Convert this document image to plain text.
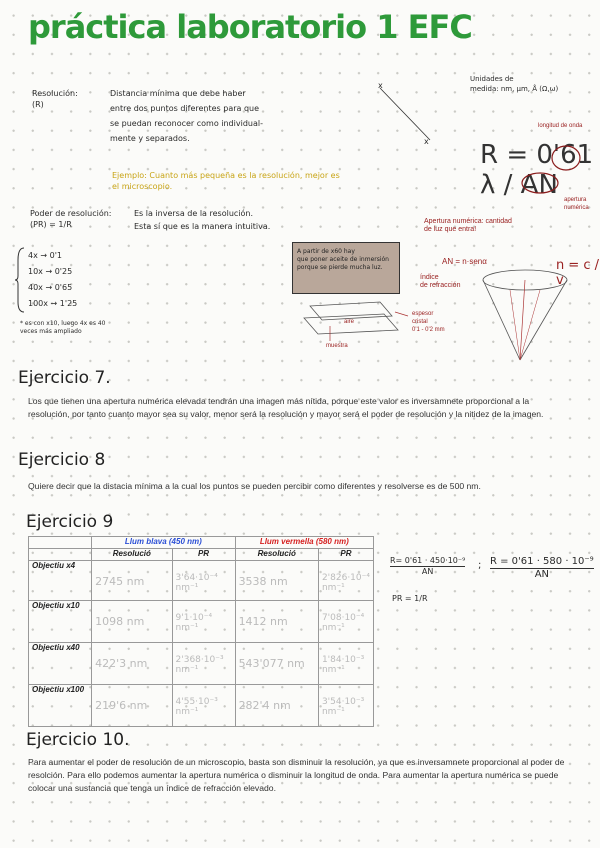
práctica laboratorio 1 EFC
Resolución:
(R)
Distancia mínima que debe haber
entre dos puntos diferentes para que
se puedan reconocer como individual-
mente y separados.
Ejemplo: Cuanto más pequeña es la resolución, mejor es
el microscopio.
Poder de resolución:
(PR) = 1/R
Es la inversa de la resolución.
Esta sí que es la manera intuitiva.
4x → 0'1
10x → 0'25
40x → 0'65
100x → 1'25
* es con x10, luego 4x es 40
veces más ampliado
A partir de x60 hay
que poner aceite de inmersión
porque se pierde mucha luz.
aire
muestra
espesor
cristal
0'1 - 0'2 mm
x
x
Unidades de
medida: nm, μm, Å (Ω,ω)
R = 0'61 λ / AN
longitud de onda
apertura numérica
Apertura numérica: cantidad
de luz que entra!
AN = n·senα
índice
de refracción
n = c / v
Ejercicio 7.
Los que tienen una apertura numérica elevada tendrán una imagen más nítida, porque este valor es inversamnete proporcional a la resolución, por tanto cuanto mayor sea su valor, menor será la resolución y mayor será el poder de resolución y la nitidez de la imagen.
Ejercicio 8
Quiere decir que la distacia mínima a la cual los puntos se pueden percibir como diferentes y resolverse es de 500 nm.
Ejercicio 9
	Llum blava (450 nm)		Llum vermella (580 nm)	
	Resolució	PR	Resolució	PR
Objectiu x4	2745 nm	3'64·10⁻⁴ nm⁻¹	3538 nm	2'826·10⁻⁴ nm⁻¹
Objectiu x10	1098 nm	9'1·10⁻⁴ nm⁻¹	1412 nm	7'08·10⁻⁴ nm⁻¹
Objectiu x40	422'3 nm	2'368·10⁻³ nm⁻¹	543'077 nm	1'84·10⁻³ nm⁻¹
Objectiu x100	219'6 nm	4'55·10⁻³ nm⁻¹	282'4 nm	3'54·10⁻³ nm⁻¹
$\frac{\text{R= 0'61 · 450·10⁻⁹}}{AN}$ ; $\frac{\text{R = 0'61 · 580 · 10⁻⁹}}{AN}$
PR = 1/R
Ejercicio 10.
Para aumentar el poder de resolución de un microscopio, basta son disminuir la resolución, ya que es inversamnete proporcional al poder de resolción. Para ello podemos aumentar la apertura numérica o disminuir la longitud de onda. Para aumentar la apertura numérica se puede colocar una sustancia que tenga un índice de refracción elevado.
